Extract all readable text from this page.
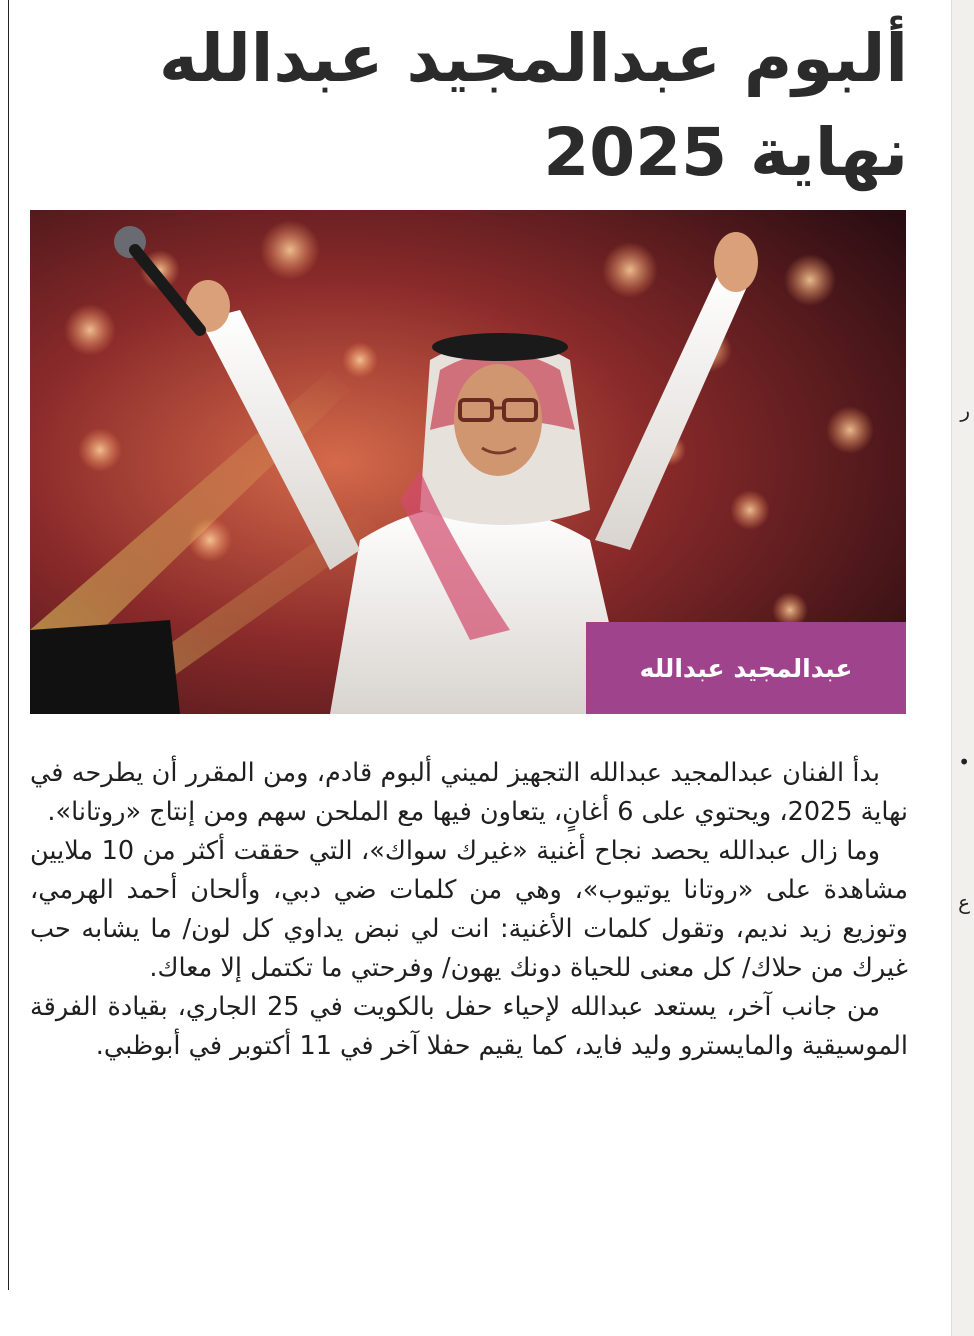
ر
•
ع
ألبوم عبدالمجيد عبدالله
نهاية 2025
عبدالمجيد عبدالله

بدأ الفنان عبدالمجيد عبدالله التجهيز لميني ألبوم قادم، ومن المقرر أن يطرحه في نهاية 2025، ويحتوي على 6 أغانٍ، يتعاون فيها مع الملحن سهم ومن إنتاج «روتانا».

وما زال عبدالله يحصد نجاح أغنية «غيرك سواك»، التي حققت أكثر من 10 ملايين مشاهدة على «روتانا يوتيوب»، وهي من كلمات ضي دبي، وألحان أحمد الهرمي، وتوزيع زيد نديم، وتقول كلمات الأغنية: انت لي نبض يداوي كل لون/ ما يشابه حب غيرك من حلاك/ كل معنى للحياة دونك يهون/ وفرحتي ما تكتمل إلا معاك.

من جانب آخر، يستعد عبدالله لإحياء حفل بالكويت في 25 الجاري، بقيادة الفرقة الموسيقية والمايسترو وليد فايد، كما يقيم حفلا آخر في 11 أكتوبر في أبوظبي.
